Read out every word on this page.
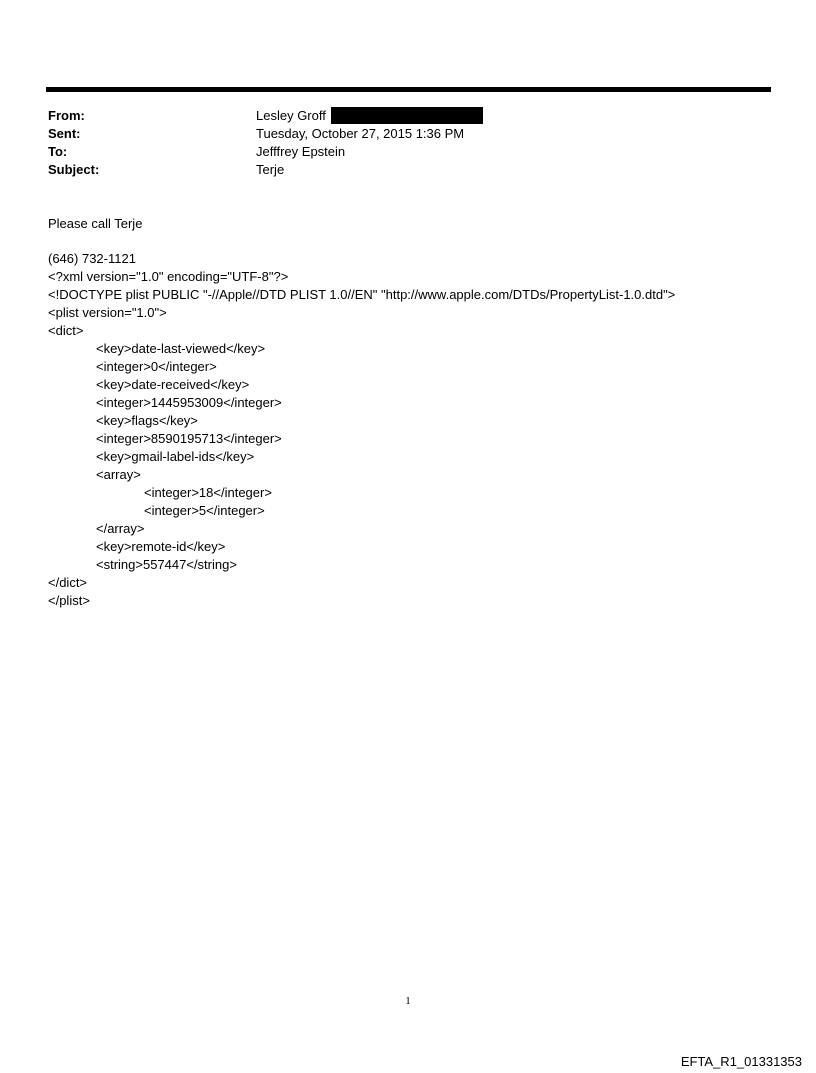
From:	Lesley Groff
Sent:	Tuesday, October 27, 2015 1:36 PM
To:	Jefffrey Epstein
Subject:	Terje
Please call Terje
(646) 732-1121
<?xml version="1.0" encoding="UTF-8"?>
<!DOCTYPE plist PUBLIC "-//Apple//DTD PLIST 1.0//EN" "http://www.apple.com/DTDs/PropertyList-1.0.dtd">
<plist version="1.0">
<dict>
<key>date-last-viewed</key>
<integer>0</integer>
<key>date-received</key>
<integer>1445953009</integer>
<key>flags</key>
<integer>8590195713</integer>
<key>gmail-label-ids</key>
<array>
<integer>18</integer>
<integer>5</integer>
</array>
<key>remote-id</key>
<string>557447</string>
</dict>
</plist>
1
EFTA_R1_01331353
